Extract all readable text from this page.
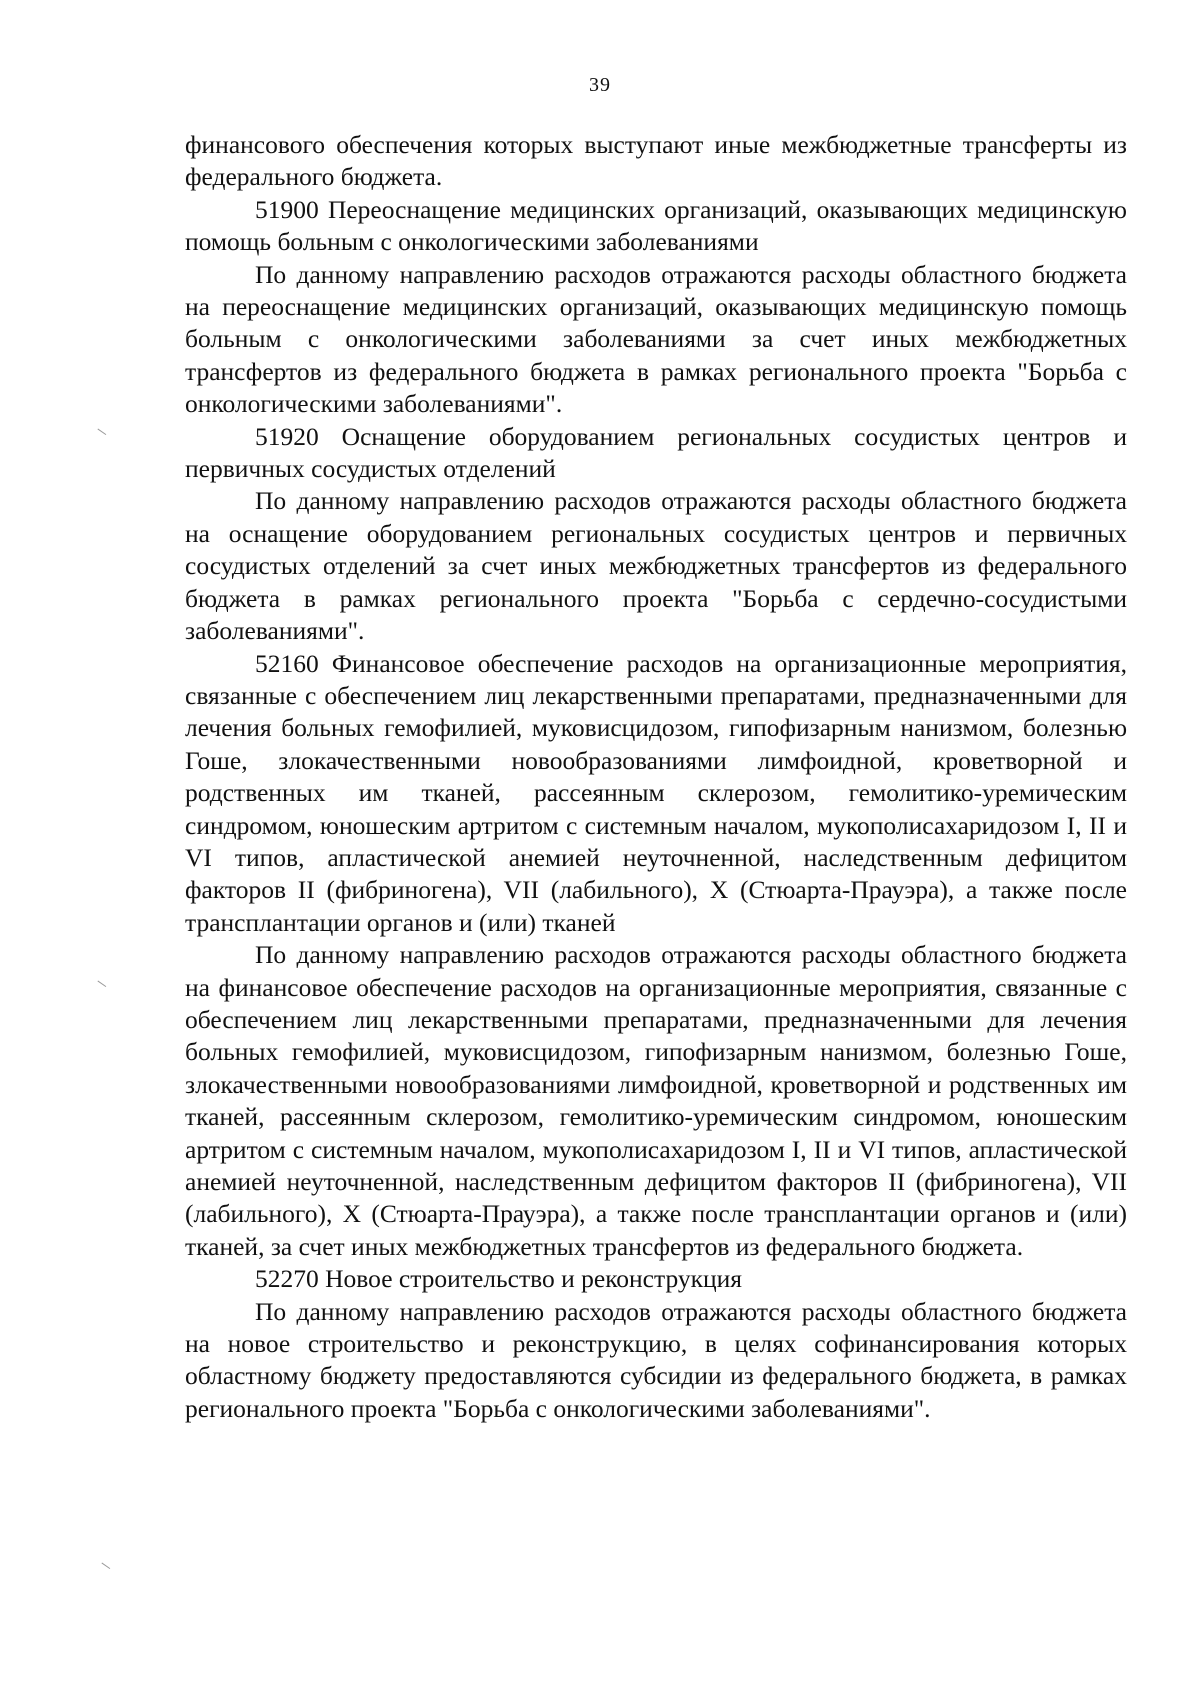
39

финансового обеспечения которых выступают иные межбюджетные трансферты из федерального бюджета.

51900 Переоснащение медицинских организаций, оказывающих медицинскую помощь больным с онкологическими заболеваниями

По данному направлению расходов отражаются расходы областного бюджета на переоснащение медицинских организаций, оказывающих медицинскую помощь больным с онкологическими заболеваниями за счет иных межбюджетных трансфертов из федерального бюджета в рамках регионального проекта "Борьба с онкологическими заболеваниями".

51920 Оснащение оборудованием региональных сосудистых центров и первичных сосудистых отделений

По данному направлению расходов отражаются расходы областного бюджета на оснащение оборудованием региональных сосудистых центров и первичных сосудистых отделений за счет иных межбюджетных трансфертов из федерального бюджета в рамках регионального проекта "Борьба с сердечно-сосудистыми заболеваниями".

52160 Финансовое обеспечение расходов на организационные мероприятия, связанные с обеспечением лиц лекарственными препаратами, предназначенными для лечения больных гемофилией, муковисцидозом, гипофизарным нанизмом, болезнью Гоше, злокачественными новообразованиями лимфоидной, кроветворной и родственных им тканей, рассеянным склерозом, гемолитико-уремическим синдромом, юношеским артритом с системным началом, мукополисахаридозом I, II и VI типов, апластической анемией неуточненной, наследственным дефицитом факторов II (фибриногена), VII (лабильного), X (Стюарта-Прауэра), а также после трансплантации органов и (или) тканей

По данному направлению расходов отражаются расходы областного бюджета на финансовое обеспечение расходов на организационные мероприятия, связанные с обеспечением лиц лекарственными препаратами, предназначенными для лечения больных гемофилией, муковисцидозом, гипофизарным нанизмом, болезнью Гоше, злокачественными новообразованиями лимфоидной, кроветворной и родственных им тканей, рассеянным склерозом, гемолитико-уремическим синдромом, юношеским артритом с системным началом, мукополисахаридозом I, II и VI типов, апластической анемией неуточненной, наследственным дефицитом факторов II (фибриногена), VII (лабильного), X (Стюарта-Прауэра), а также после трансплантации органов и (или) тканей, за счет иных межбюджетных трансфертов из федерального бюджета.

52270 Новое строительство и реконструкция

По данному направлению расходов отражаются расходы областного бюджета на новое строительство и реконструкцию, в целях софинансирования которых областному бюджету предоставляются субсидии из федерального бюджета, в рамках регионального проекта "Борьба с онкологическими заболеваниями".
